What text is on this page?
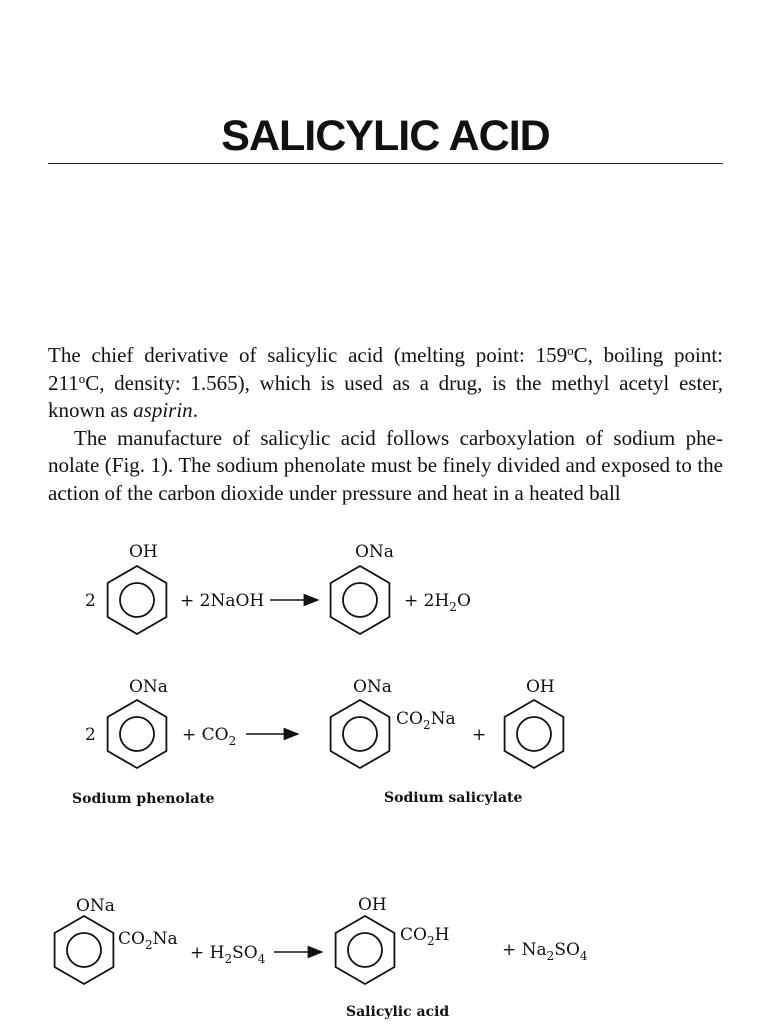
SALICYLIC ACID

The chief derivative of salicylic acid (melting point: 159$^o$C, boiling point: 211$^o$C, density: 1.565), which is used as a drug, is the methyl acetyl ester, known as aspirin.

The manufacture of salicylic acid follows carboxylation of sodium phe-nolate (Fig. 1). The sodium phenolate must be finely divided and exposed to the action of the carbon dioxide under pressure and heat in a heated ball

2
OH
+ 2NaOH
ONa
+ $2H_2O$
2
ONa
+ $CO_2$
ONa
$CO_2Na$
+
OH
Sodium phenolate	Sodium salicylate
ONa
$CO_2Na$
+ $H_2SO_4$
OH
$CO_2H$
+ $Na_2SO_4$
Salicylic acid
